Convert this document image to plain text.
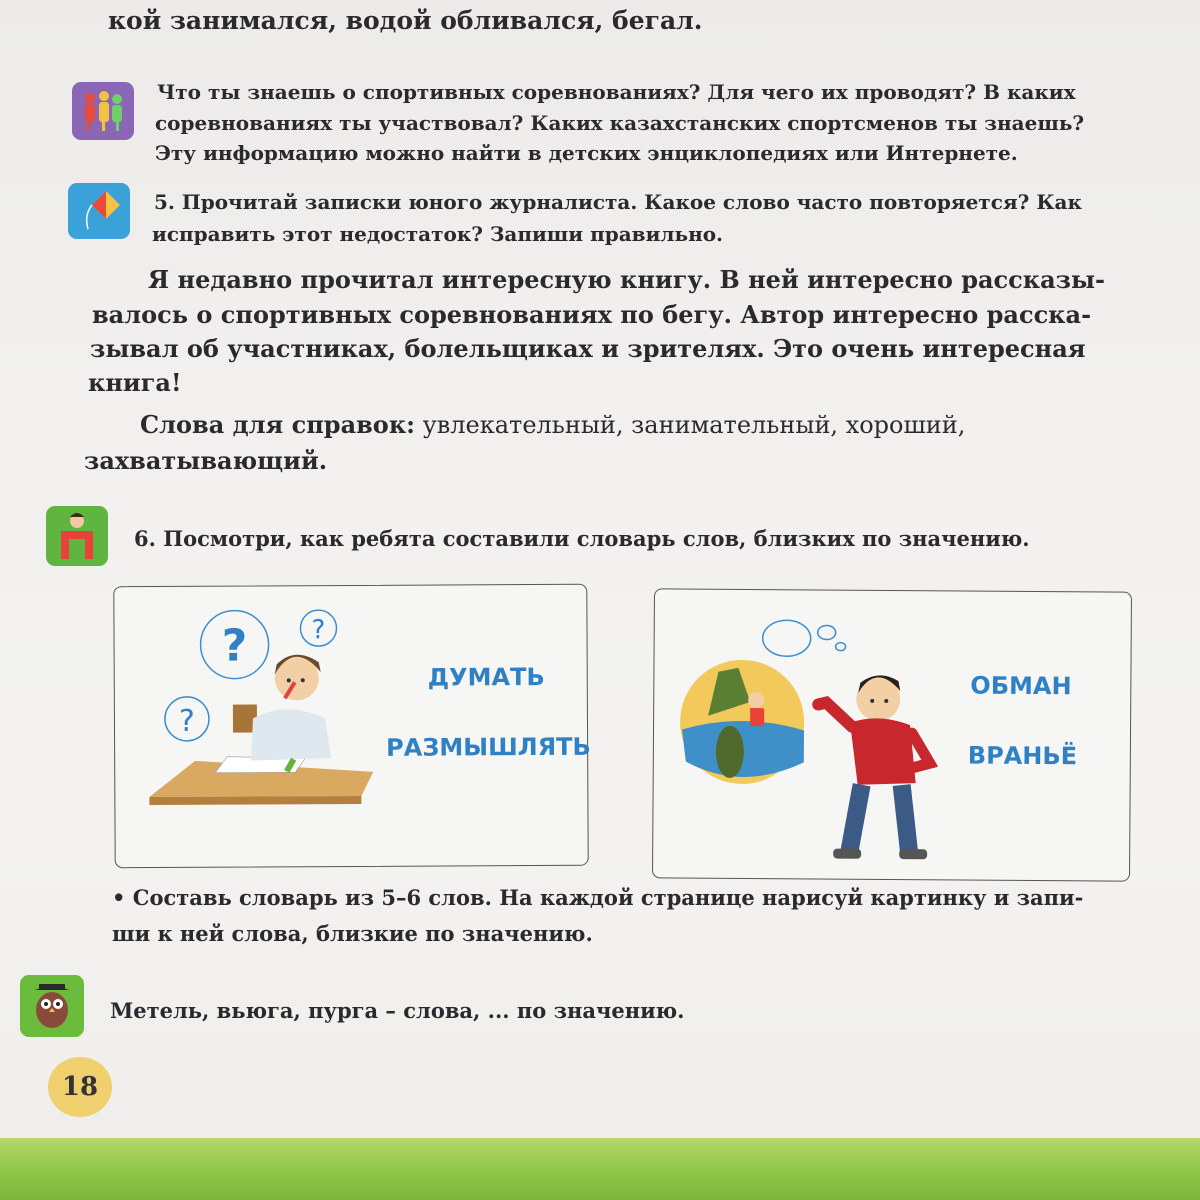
кой занимался, водой обливался, бегал.
Что ты знаешь о спортивных соревнованиях? Для чего их проводят? В каких
соревнованиях ты участвовал? Каких казахстанских спортсменов ты знаешь?
Эту информацию можно найти в детских энциклопедиях или Интернете.
5. Прочитай записки юного журналиста. Какое слово часто повторяется? Как
исправить этот недостаток? Запиши правильно.
Я недавно прочитал интересную книгу. В ней интересно рассказы-
валось о спортивных соревнованиях по бегу. Автор интересно расска-
зывал об участниках, болельщиках и зрителях. Это очень интересная
книга!
Слова для справок: увлекательный, занимательный, хороший,
захватывающий.
6. Посмотри, как ребята составили словарь слов, близких по значению.
? ?
?
ДУМАТЬ
РАЗМЫШЛЯТЬ
ОБМАН
ВРАНЬЁ
• Составь словарь из 5–6 слов. На каждой странице нарисуй картинку и запи-
ши к ней слова, близкие по значению.
Метель, вьюга, пурга – слова, ... по значению.
18
